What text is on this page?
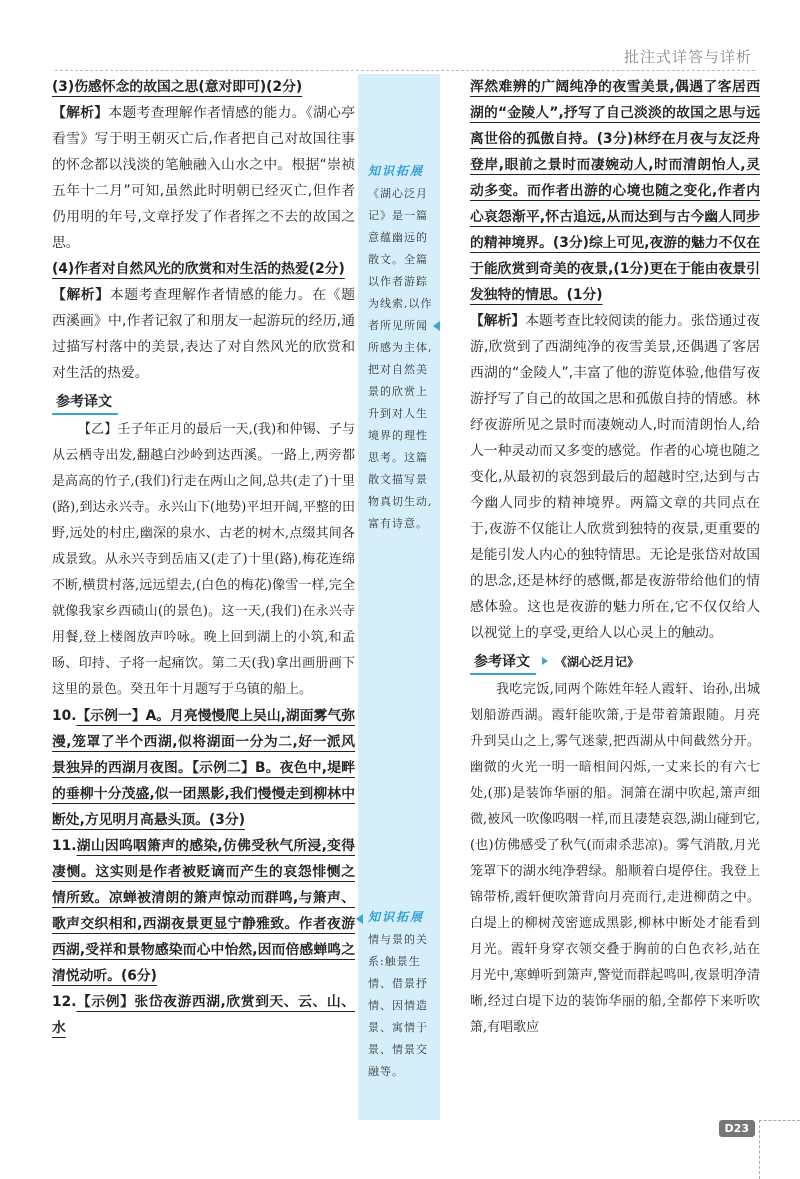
批注式详答与详析

(3)伤感怀念的故国之思(意对即可)(2分)

【解析】本题考查理解作者情感的能力。《湖心亭看雪》写于明王朝灭亡后,作者把自己对故国往事的怀念都以浅淡的笔触融入山水之中。根据“崇祯五年十二月”可知,虽然此时明朝已经灭亡,但作者仍用明的年号,文章抒发了作者挥之不去的故国之思。

(4)作者对自然风光的欣赏和对生活的热爱(2分)

【解析】本题考查理解作者情感的能力。在《题西溪画》中,作者记叙了和朋友一起游玩的经历,通过描写村落中的美景,表达了对自然风光的欣赏和对生活的热爱。

参考译文

【乙】壬子年正月的最后一天,(我)和仲锡、子与从云栖寺出发,翻越白沙岭到达西溪。一路上,两旁都是高高的竹子,(我们)行走在两山之间,总共(走了)十里(路),到达永兴寺。永兴山下(地势)平坦开阔,平整的田野,远处的村庄,幽深的泉水、古老的树木,点缀其间各成景致。从永兴寺到岳庙又(走了)十里(路),梅花连绵不断,横贯村落,远远望去,(白色的梅花)像雪一样,完全就像我家乡西碛山(的景色)。这一天,(我们)在永兴寺用餐,登上楼阁放声吟咏。晚上回到湖上的小筑,和孟旸、印持、子将一起痛饮。第二天(我)拿出画册画下这里的景色。癸丑年十月题写于乌镇的船上。

10.【示例一】A。月亮慢慢爬上吴山,湖面雾气弥漫,笼罩了半个西湖,似将湖面一分为二,好一派风景独异的西湖月夜图。【示例二】B。夜色中,堤畔的垂柳十分茂盛,似一团黑影,我们慢慢走到柳林中断处,方见明月高悬头顶。(3分)

11.湖山因呜咽箫声的感染,仿佛受秋气所浸,变得凄恻。这实则是作者被贬谪而产生的哀怨悱恻之情所致。凉蝉被清朗的箫声惊动而群鸣,与箫声、歌声交织相和,西湖夜景更显宁静雅致。作者夜游西湖,受祥和景物感染而心中怡然,因而倍感蝉鸣之清悦动听。(6分)

12.【示例】张岱夜游西湖,欣赏到天、云、山、水

知识拓展

《湖心泛月记》是一篇意蕴幽远的散文。全篇以作者游踪为线索,以作者所见所闻所感为主体,把对自然美景的欣赏上升到对人生境界的理性思考。这篇散文描写景物真切生动,富有诗意。

知识拓展

情与景的关系:触景生情、借景抒情、因情造景、寓情于景、情景交融等。

浑然难辨的广阔纯净的夜雪美景,偶遇了客居西湖的“金陵人”,抒写了自己淡淡的故国之思与远离世俗的孤傲自持。(3分)林纾在月夜与友泛舟登岸,眼前之景时而凄婉动人,时而清朗怡人,灵动多变。而作者出游的心境也随之变化,作者内心哀怨渐平,怀古追远,从而达到与古今幽人同步的精神境界。(3分)综上可见,夜游的魅力不仅在于能欣赏到奇美的夜景,(1分)更在于能由夜景引发独特的情思。(1分)

【解析】本题考查比较阅读的能力。张岱通过夜游,欣赏到了西湖纯净的夜雪美景,还偶遇了客居西湖的“金陵人”,丰富了他的游览体验,他借写夜游抒写了自己的故国之思和孤傲自持的情感。林纾夜游所见之景时而凄婉动人,时而清朗怡人,给人一种灵动而又多变的感觉。作者的心境也随之变化,从最初的哀怨到最后的超越时空,达到与古今幽人同步的精神境界。两篇文章的共同点在于,夜游不仅能让人欣赏到独特的夜景,更重要的是能引发人内心的独特情思。无论是张岱对故国的思念,还是林纾的感慨,都是夜游带给他们的情感体验。这也是夜游的魅力所在,它不仅仅给人以视觉上的享受,更给人以心灵上的触动。

参考译文 《湖心泛月记》

我吃完饭,同两个陈姓年轻人霞轩、诒孙,出城划船游西湖。霞轩能吹箫,于是带着箫跟随。月亮升到吴山之上,雾气迷蒙,把西湖从中间截然分开。幽微的火光一明一暗相间闪烁,一丈来长的有六七处,(那)是装饰华丽的船。洞箫在湖中吹起,箫声细微,被风一吹像呜咽一样,而且凄楚哀怨,湖山碰到它,(也)仿佛感受了秋气(而肃杀悲凉)。雾气消散,月光笼罩下的湖水纯净碧绿。船顺着白堤停住。我登上锦带桥,霞轩便吹箫背向月亮而行,走进柳荫之中。白堤上的柳树茂密遮成黑影,柳林中断处才能看到月光。霞轩身穿衣领交叠于胸前的白色衣衫,站在月光中,寒蝉听到箫声,警觉而群起鸣叫,夜景明净清晰,经过白堤下边的装饰华丽的船,全都停下来听吹箫,有唱歌应

D23
